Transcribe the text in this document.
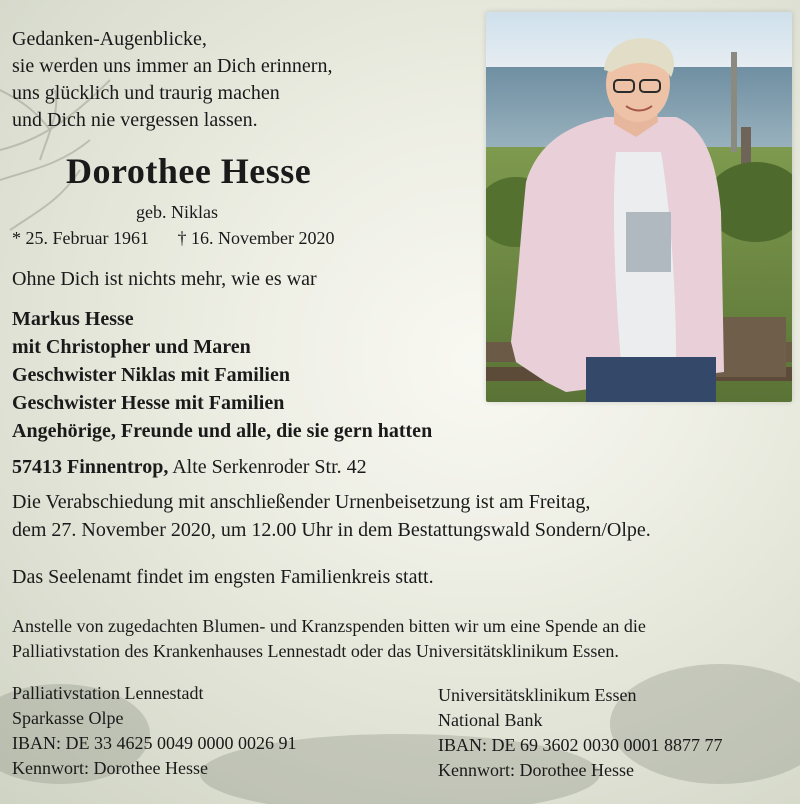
Gedanken-Augenblicke,
sie werden uns immer an Dich erinnern,
uns glücklich und traurig machen
und Dich nie vergessen lassen.
Dorothee Hesse
geb. Niklas
* 25. Februar 1961 † 16. November 2020
Ohne Dich ist nichts mehr, wie es war
Markus Hesse
mit Christopher und Maren
Geschwister Niklas mit Familien
Geschwister Hesse mit Familien
Angehörige, Freunde und alle, die sie gern hatten
57413 Finnentrop, Alte Serkenroder Str. 42
Die Verabschiedung mit anschließender Urnenbeisetzung ist am Freitag,
dem 27. November 2020, um 12.00 Uhr in dem Bestattungswald Sondern/Olpe.
Das Seelenamt findet im engsten Familienkreis statt.
Anstelle von zugedachten Blumen- und Kranzspenden bitten wir um eine Spende an die
Palliativstation des Krankenhauses Lennestadt oder das Universitätsklinikum Essen.
Palliativstation Lennestadt
Sparkasse Olpe
IBAN: DE 33 4625 0049 0000 0026 91
Kennwort: Dorothee Hesse
Universitätsklinikum Essen
National Bank
IBAN: DE 69 3602 0030 0001 8877 77
Kennwort: Dorothee Hesse
